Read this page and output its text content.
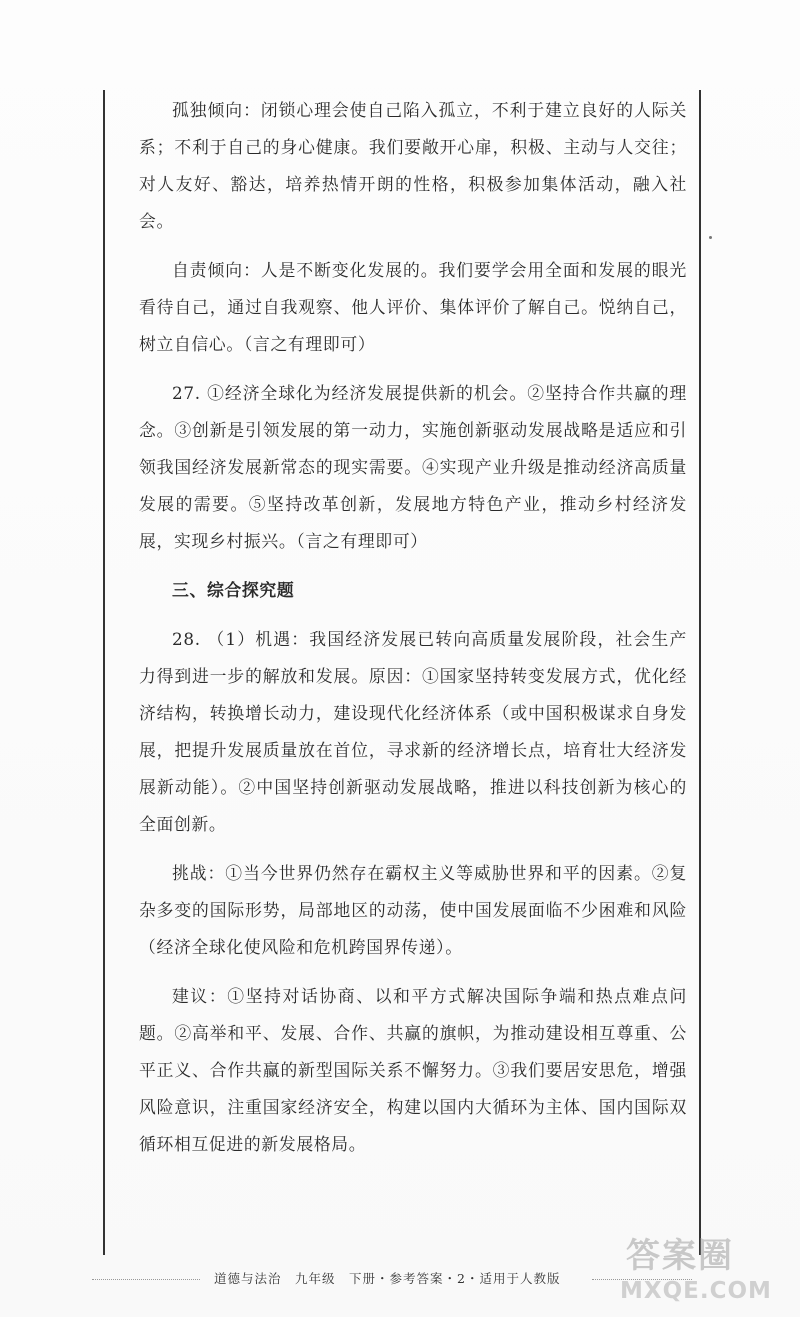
孤独倾向：闭锁心理会使自己陷入孤立，不利于建立良好的人际关系；不利于自己的身心健康。我们要敞开心扉，积极、主动与人交往；对人友好、豁达，培养热情开朗的性格，积极参加集体活动，融入社会。

自责倾向：人是不断变化发展的。我们要学会用全面和发展的眼光看待自己，通过自我观察、他人评价、集体评价了解自己。悦纳自己，树立自信心。（言之有理即可）

27. ①经济全球化为经济发展提供新的机会。②坚持合作共赢的理念。③创新是引领发展的第一动力，实施创新驱动发展战略是适应和引领我国经济发展新常态的现实需要。④实现产业升级是推动经济高质量发展的需要。⑤坚持改革创新，发展地方特色产业，推动乡村经济发展，实现乡村振兴。（言之有理即可）

三、综合探究题

28. （1）机遇：我国经济发展已转向高质量发展阶段，社会生产力得到进一步的解放和发展。原因：①国家坚持转变发展方式，优化经济结构，转换增长动力，建设现代化经济体系（或中国积极谋求自身发展，把提升发展质量放在首位，寻求新的经济增长点，培育壮大经济发展新动能）。②中国坚持创新驱动发展战略，推进以科技创新为核心的全面创新。

挑战：①当今世界仍然存在霸权主义等威胁世界和平的因素。②复杂多变的国际形势，局部地区的动荡，使中国发展面临不少困难和风险（经济全球化使风险和危机跨国界传递）。

建议：①坚持对话协商、以和平方式解决国际争端和热点难点问题。②高举和平、发展、合作、共赢的旗帜，为推动建设相互尊重、公平正义、合作共赢的新型国际关系不懈努力。③我们要居安思危，增强风险意识，注重国家经济安全，构建以国内大循环为主体、国内国际双循环相互促进的新发展格局。

道德与法治　九年级　下册・参考答案・2・适用于人教版
答案圈
MXQE.COM
